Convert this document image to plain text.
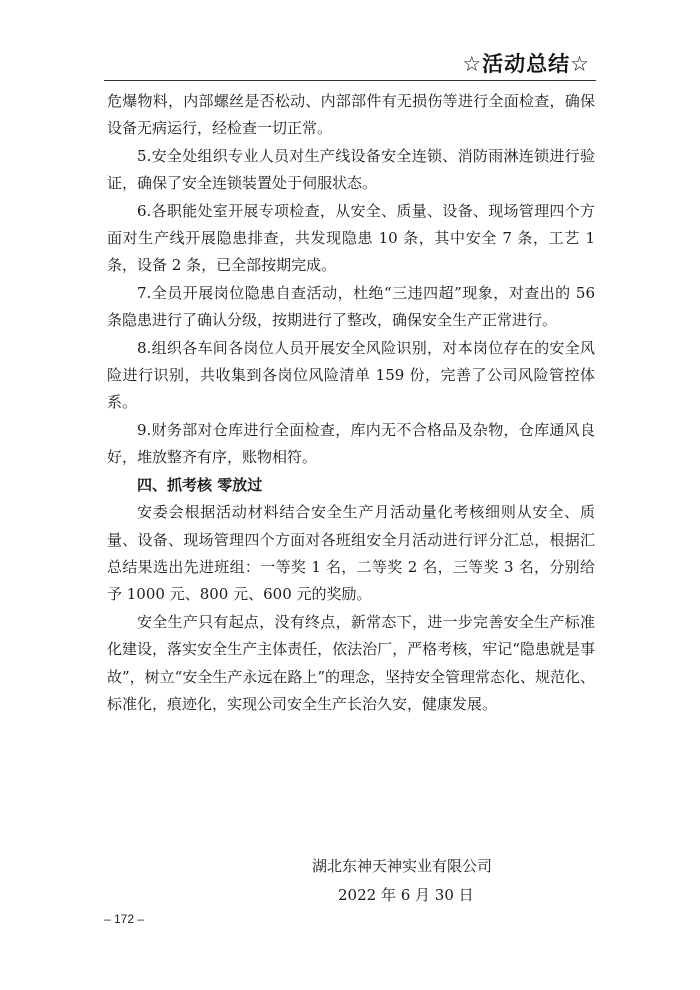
☆活动总结☆

危爆物料，内部螺丝是否松动、内部部件有无损伤等进行全面检查，确保设备无病运行，经检查一切正常。

5.安全处组织专业人员对生产线设备安全连锁、消防雨淋连锁进行验证，确保了安全连锁装置处于伺服状态。

6.各职能处室开展专项检查，从安全、质量、设备、现场管理四个方面对生产线开展隐患排查，共发现隐患 10 条，其中安全 7 条，工艺 1 条，设备 2 条，已全部按期完成。

7.全员开展岗位隐患自查活动，杜绝“三违四超”现象，对查出的 56 条隐患进行了确认分级，按期进行了整改，确保安全生产正常进行。

8.组织各车间各岗位人员开展安全风险识别，对本岗位存在的安全风险进行识别，共收集到各岗位风险清单 159 份，完善了公司风险管控体系。

9.财务部对仓库进行全面检查，库内无不合格品及杂物，仓库通风良好，堆放整齐有序，账物相符。

四、抓考核 零放过

安委会根据活动材料结合安全生产月活动量化考核细则从安全、质量、设备、现场管理四个方面对各班组安全月活动进行评分汇总，根据汇总结果选出先进班组：一等奖 1 名，二等奖 2 名，三等奖 3 名，分别给予 1000 元、800 元、600 元的奖励。

安全生产只有起点，没有终点，新常态下，进一步完善安全生产标准化建设，落实安全生产主体责任，依法治厂，严格考核，牢记“隐患就是事故”，树立“安全生产永远在路上”的理念，坚持安全管理常态化、规范化、标准化，痕迹化，实现公司安全生产长治久安，健康发展。

湖北东神天神实业有限公司
2022 年 6 月 30 日
– 172 –
